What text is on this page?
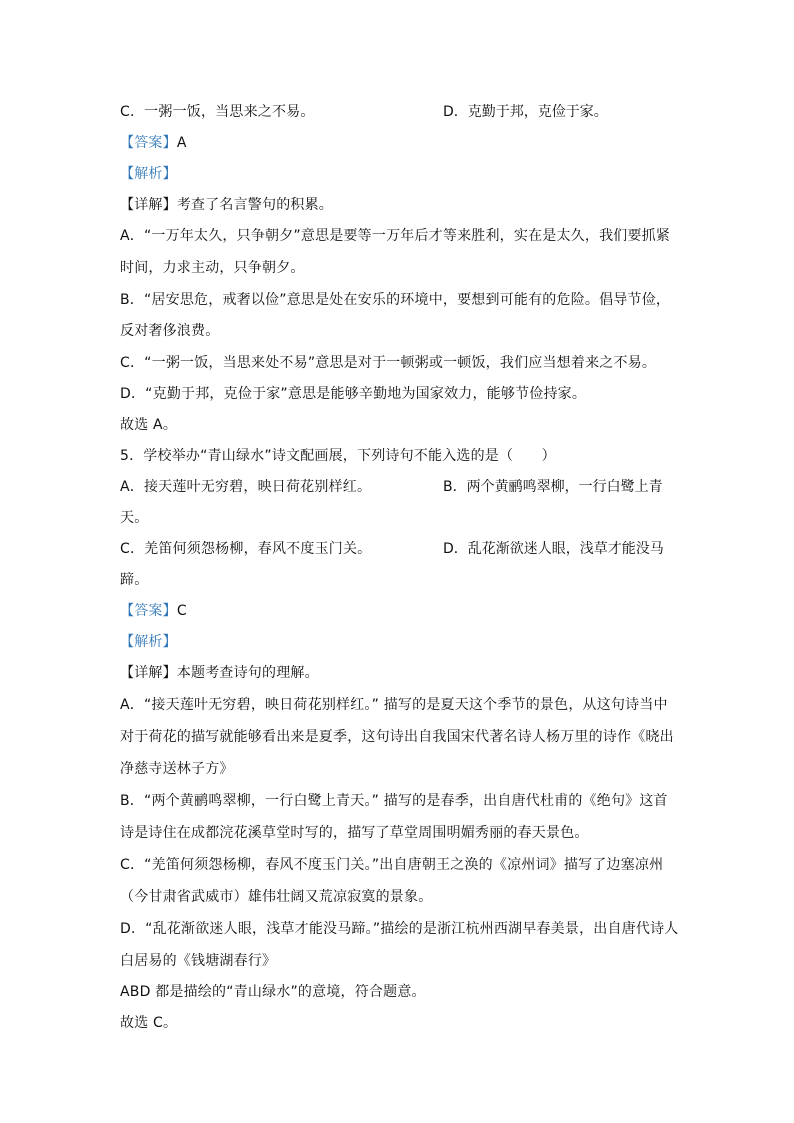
C．一粥一饭，当思来之不易。	D．克勤于邦，克俭于家。
【答案】A
【解析】
【详解】考查了名言警句的积累。
A．“一万年太久，只争朝夕”意思是要等一万年后才等来胜利，实在是太久，我们要抓紧
时间，力求主动，只争朝夕。
B．“居安思危，戒奢以俭”意思是处在安乐的环境中，要想到可能有的危险。倡导节俭，
反对奢侈浪费。
C．“一粥一饭，当思来处不易”意思是对于一顿粥或一顿饭，我们应当想着来之不易。
D．“克勤于邦，克俭于家”意思是能够辛勤地为国家效力，能够节俭持家。
故选 A。
5．学校举办“青山绿水”诗文配画展，下列诗句不能入选的是（　　）
A．接天莲叶无穷碧，映日荷花别样红。	B．两个黄鹂鸣翠柳，一行白鹭上青
天。
C．羌笛何须怨杨柳，春风不度玉门关。	D．乱花渐欲迷人眼，浅草才能没马
蹄。
【答案】C
【解析】
【详解】本题考查诗句的理解。
A．“接天莲叶无穷碧，映日荷花别样红。” 描写的是夏天这个季节的景色，从这句诗当中
对于荷花的描写就能够看出来是夏季，这句诗出自我国宋代著名诗人杨万里的诗作《晓出
净慈寺送林子方》
B．“两个黄鹂鸣翠柳，一行白鹭上青天。” 描写的是春季，出自唐代杜甫的《绝句》这首
诗是诗住在成都浣花溪草堂时写的，描写了草堂周围明媚秀丽的春天景色。
C．“羌笛何须怨杨柳，春风不度玉门关。”出自唐朝王之涣的《凉州词》描写了边塞凉州
（今甘肃省武威市）雄伟壮阔又荒凉寂寞的景象。
D．“乱花渐欲迷人眼，浅草才能没马蹄。”描绘的是浙江杭州西湖早春美景，出自唐代诗人
白居易的《钱塘湖春行》
ABD 都是描绘的“青山绿水”的意境，符合题意。
故选 C。
